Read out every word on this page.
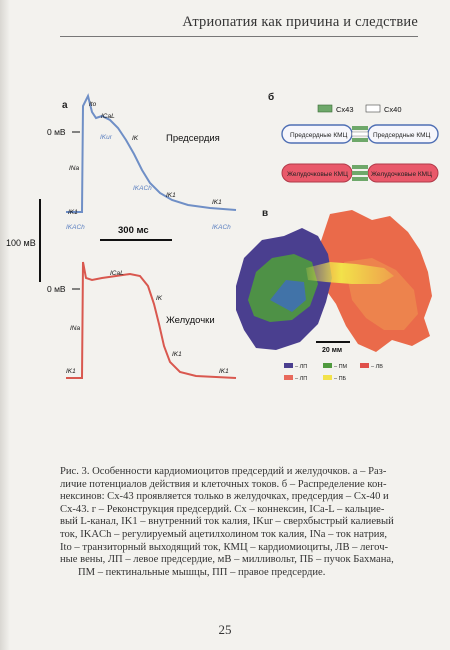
Атриопатия как причина и следствие
а
б
в
100 мВ
0 мВ
0 мВ
300 мс
Предсердия
Ito
ICaL
IKur	IK
INa
IKACh
IK1
IK1
IKACh	IKACh
IK1
Желудочки
ICaL
IK
INa
IK1
IK1	IK1
Cx43	Cx40
Предсердные КМЦ	Предсердные КМЦ
Желудочковые КМЦ	Желудочковые КМЦ
20 мм
– ЛП	– ПМ	– ЛВ
– ЛП	– ПБ
Рис. 3. Особенности кардиомиоцитов предсердий и желудочков. а – Раз-
личие потенциалов действия и клеточных токов. б – Распределение кон-
нексинов: Cx-43 проявляется только в желудочках, предсердия – Cx-40 и
Cx-43. г – Реконструкция предсердий. Cx – коннексин, ICa-L – кальцие-
вый L-канал, IK1 – внутренний ток калия, IKur – сверхбыстрый калиевый
ток, IKACh – регулируемый ацетилхолином ток калия, INa – ток натрия,
Ito – транзиторный выходящий ток, КМЦ – кардиомиоциты, ЛВ – легоч-
ные вены, ЛП – левое предсердие, мВ – милливольт, ПБ – пучок Бахмана,
ПМ – пектинальные мышцы, ПП – правое предсердие.
25
